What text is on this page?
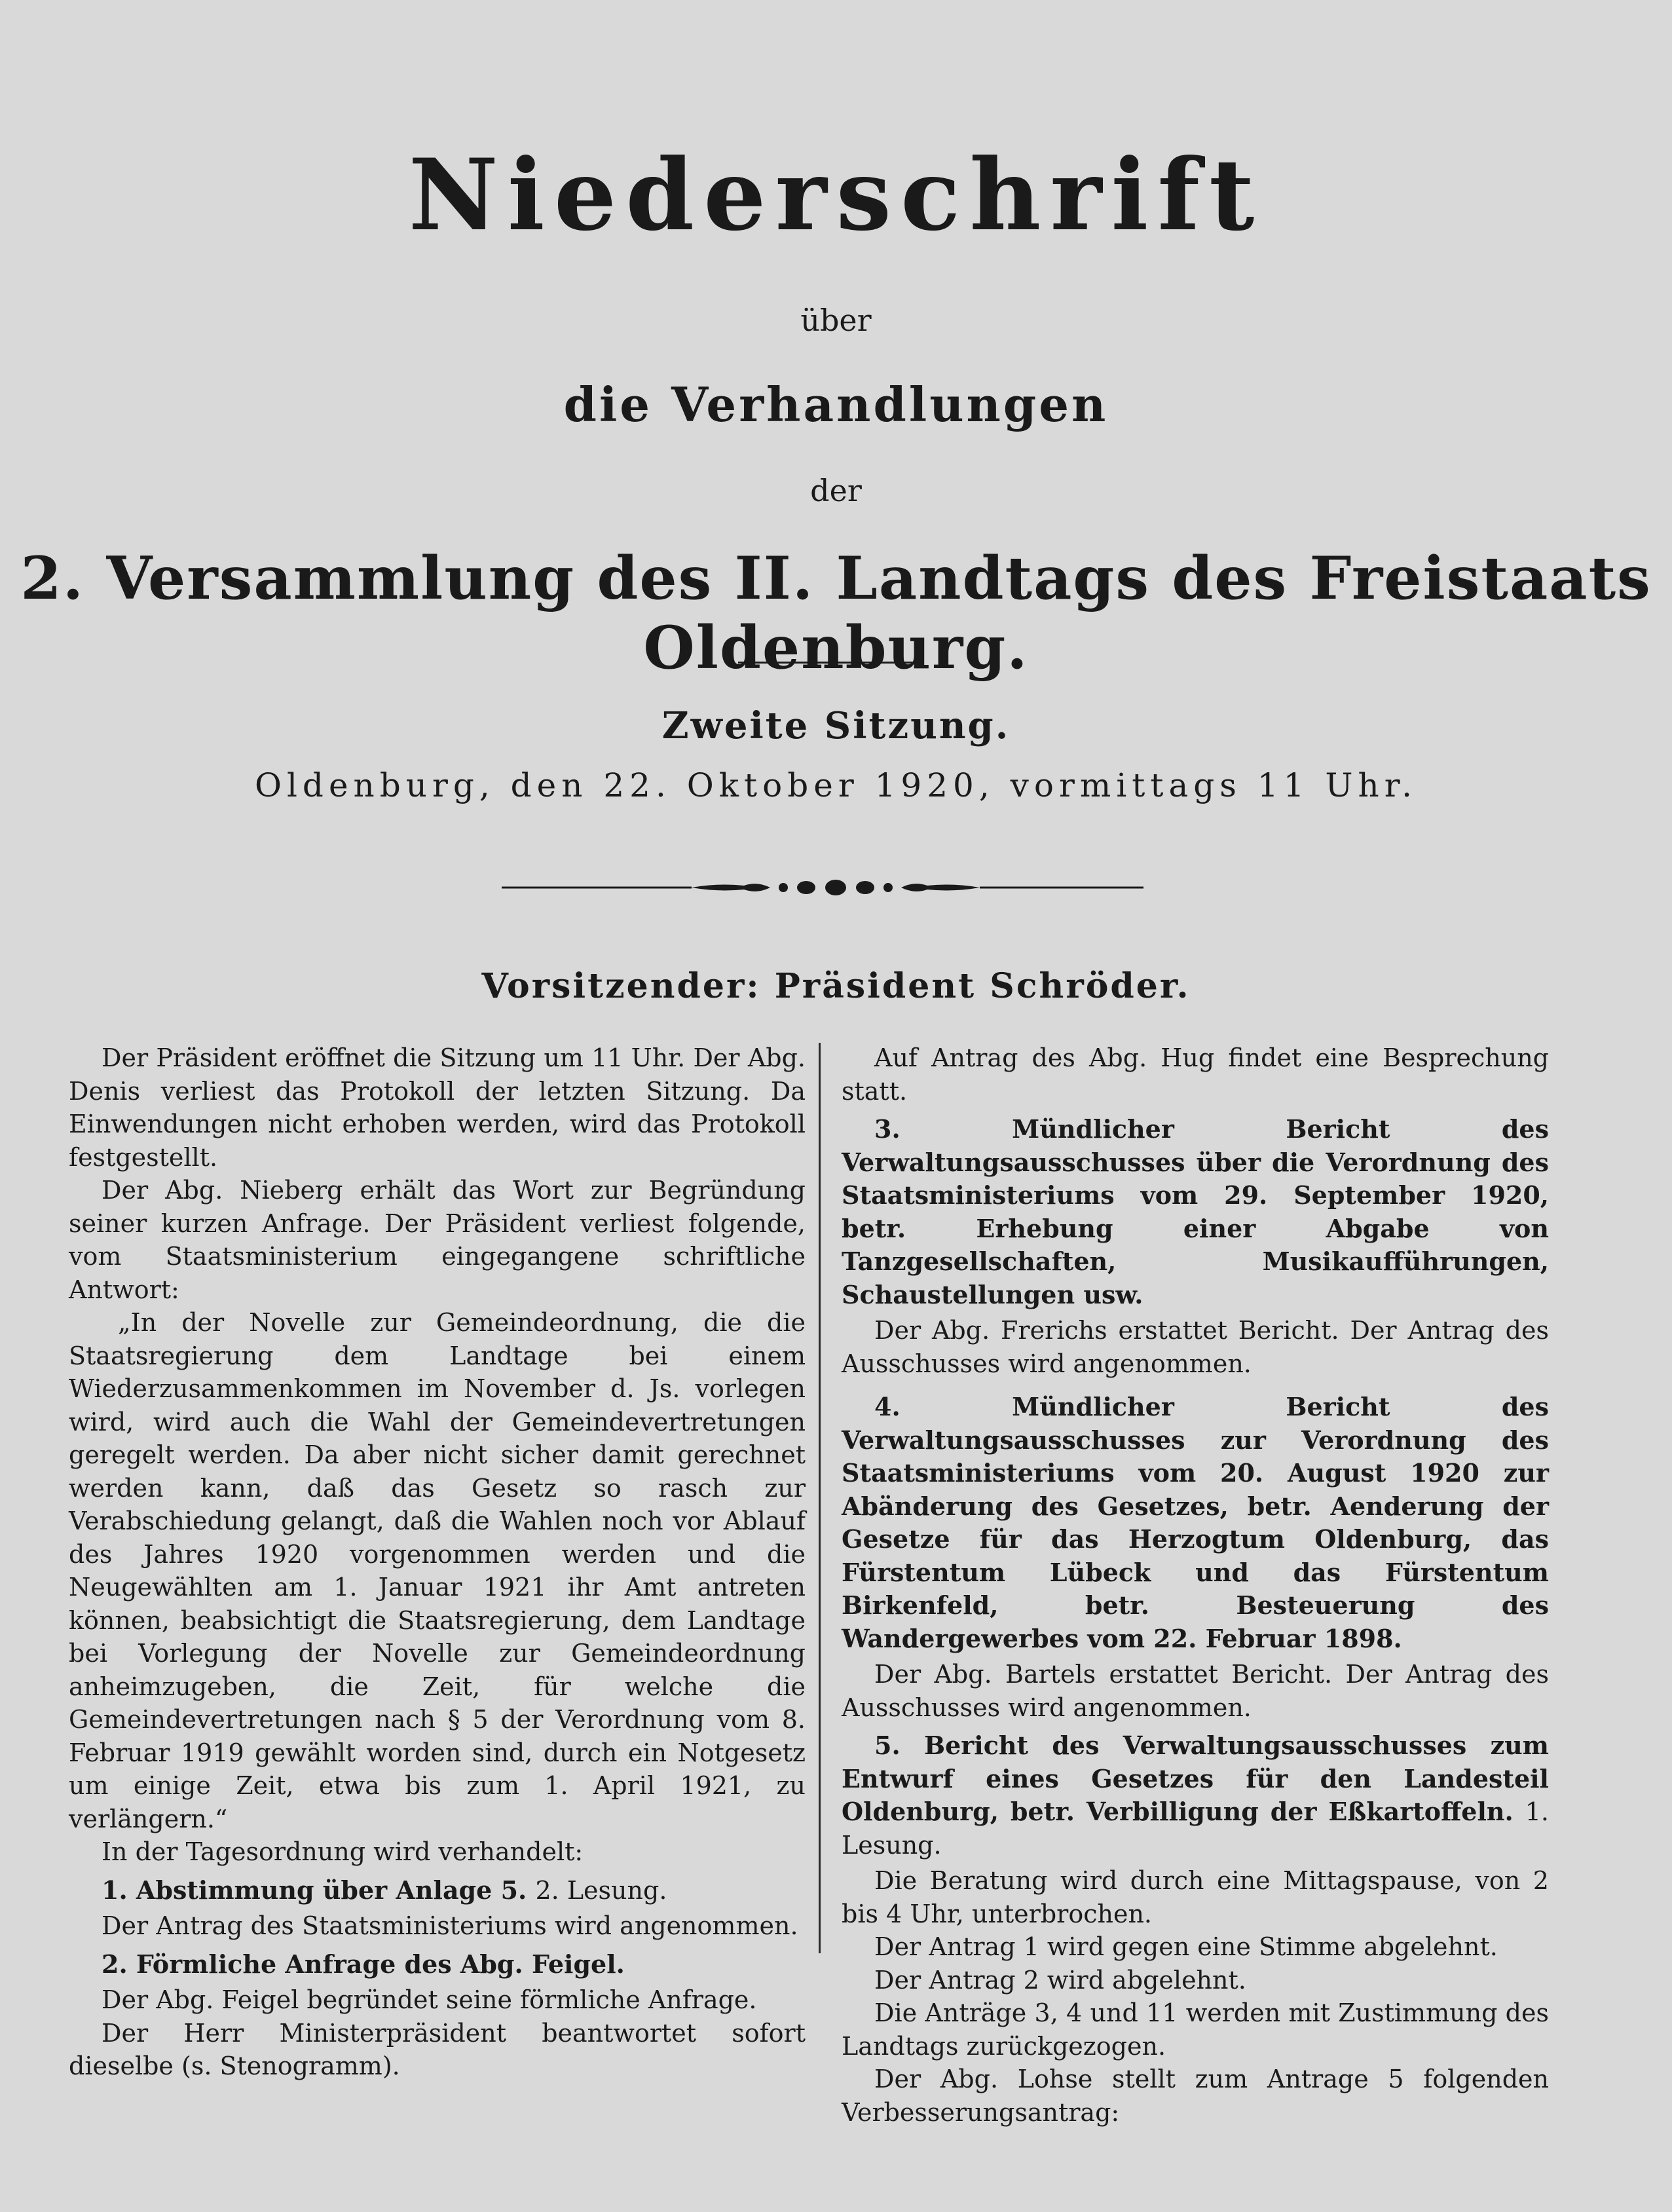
Niederschrift
über
die Verhandlungen
der
2. Versammlung des II. Landtags des Freistaats Oldenburg.
Zweite Sitzung.
Oldenburg, den 22. Oktober 1920, vormittags 11 Uhr.
Vorsitzender: Präsident Schröder.

Der Präsident eröffnet die Sitzung um 11 Uhr. Der Abg. Denis verliest das Protokoll der letzten Sitzung. Da Einwendungen nicht erhoben werden, wird das Protokoll festgestellt.

Der Abg. Nieberg erhält das Wort zur Begründung seiner kurzen Anfrage. Der Präsident verliest folgende, vom Staatsministerium eingegangene schriftliche Antwort:

„In der Novelle zur Gemeindeordnung, die die Staatsregierung dem Landtage bei einem Wiederzusammenkommen im November d. Js. vorlegen wird, wird auch die Wahl der Gemeindevertretungen geregelt werden. Da aber nicht sicher damit gerechnet werden kann, daß das Gesetz so rasch zur Verabschiedung gelangt, daß die Wahlen noch vor Ablauf des Jahres 1920 vorgenommen werden und die Neugewählten am 1. Januar 1921 ihr Amt antreten können, beabsichtigt die Staatsregierung, dem Landtage bei Vorlegung der Novelle zur Gemeindeordnung anheimzugeben, die Zeit, für welche die Gemeindevertretungen nach § 5 der Verordnung vom 8. Februar 1919 gewählt worden sind, durch ein Notgesetz um einige Zeit, etwa bis zum 1. April 1921, zu verlängern.“

In der Tagesordnung wird verhandelt:

1. Abstimmung über Anlage 5. 2. Lesung.

Der Antrag des Staatsministeriums wird angenommen.

2. Förmliche Anfrage des Abg. Feigel.

Der Abg. Feigel begründet seine förmliche Anfrage.

Der Herr Ministerpräsident beantwortet sofort dieselbe (s. Stenogramm).

Auf Antrag des Abg. Hug findet eine Besprechung statt.

3. Mündlicher Bericht des Verwaltungsausschusses über die Verordnung des Staatsministeriums vom 29. September 1920, betr. Erhebung einer Abgabe von Tanzgesellschaften, Musikaufführungen, Schaustellungen usw.

Der Abg. Frerichs erstattet Bericht. Der Antrag des Ausschusses wird angenommen.

4. Mündlicher Bericht des Verwaltungsausschusses zur Verordnung des Staatsministeriums vom 20. August 1920 zur Abänderung des Gesetzes, betr. Aenderung der Gesetze für das Herzogtum Oldenburg, das Fürstentum Lübeck und das Fürstentum Birkenfeld, betr. Besteuerung des Wandergewerbes vom 22. Februar 1898.

Der Abg. Bartels erstattet Bericht. Der Antrag des Ausschusses wird angenommen.

5. Bericht des Verwaltungsausschusses zum Entwurf eines Gesetzes für den Landesteil Oldenburg, betr. Verbilligung der Eßkartoffeln. 1. Lesung.

Die Beratung wird durch eine Mittagspause, von 2 bis 4 Uhr, unterbrochen.

Der Antrag 1 wird gegen eine Stimme abgelehnt.

Der Antrag 2 wird abgelehnt.

Die Anträge 3, 4 und 11 werden mit Zustimmung des Landtags zurückgezogen.

Der Abg. Lohse stellt zum Antrage 5 folgenden Verbesserungsantrag:
